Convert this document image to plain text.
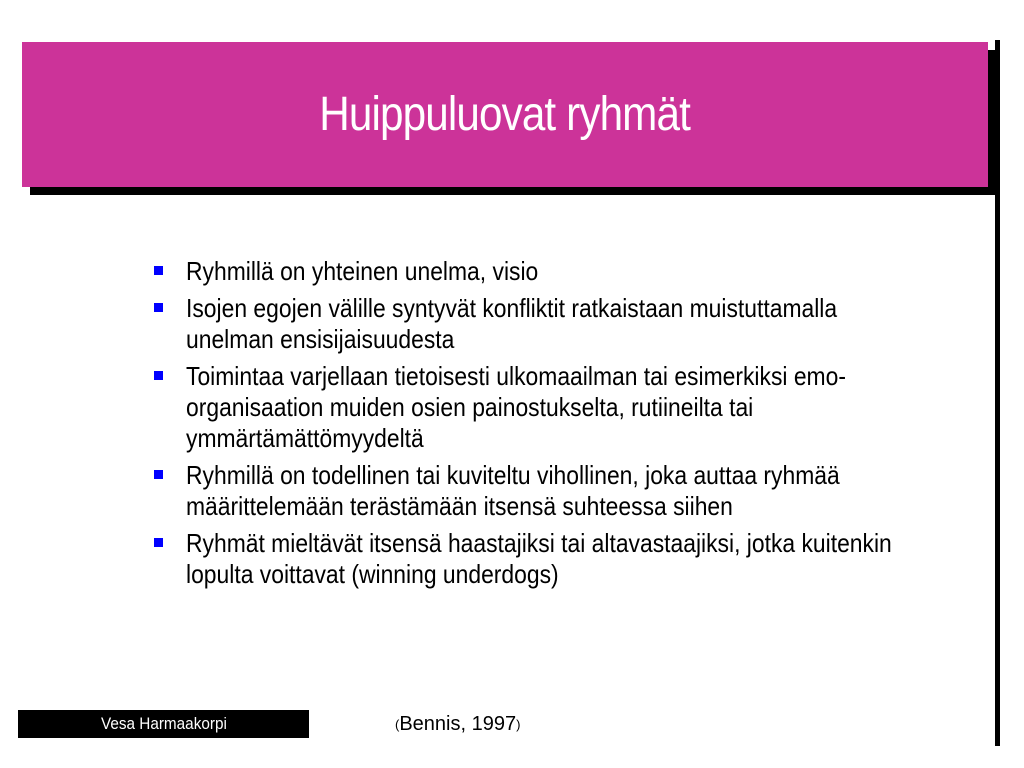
Huippuluovat ryhmät
Ryhmillä on yhteinen unelma, visio
Isojen egojen välille syntyvät konfliktit ratkaistaan muistuttamalla unelman ensisijaisuudesta
Toimintaa varjellaan tietoisesti ulkomaailman tai esimerkiksi emo-organisaation muiden osien painostukselta, rutiineilta tai ymmärtämättömyydeltä
Ryhmillä on todellinen tai kuviteltu vihollinen, joka auttaa ryhmää määrittelemään terästämään itsensä suhteessa siihen
Ryhmät mieltävät itsensä haastajiksi tai altavastaajiksi, jotka kuitenkin lopulta voittavat (winning underdogs)
Vesa Harmaakorpi	( Bennis, 1997 )
